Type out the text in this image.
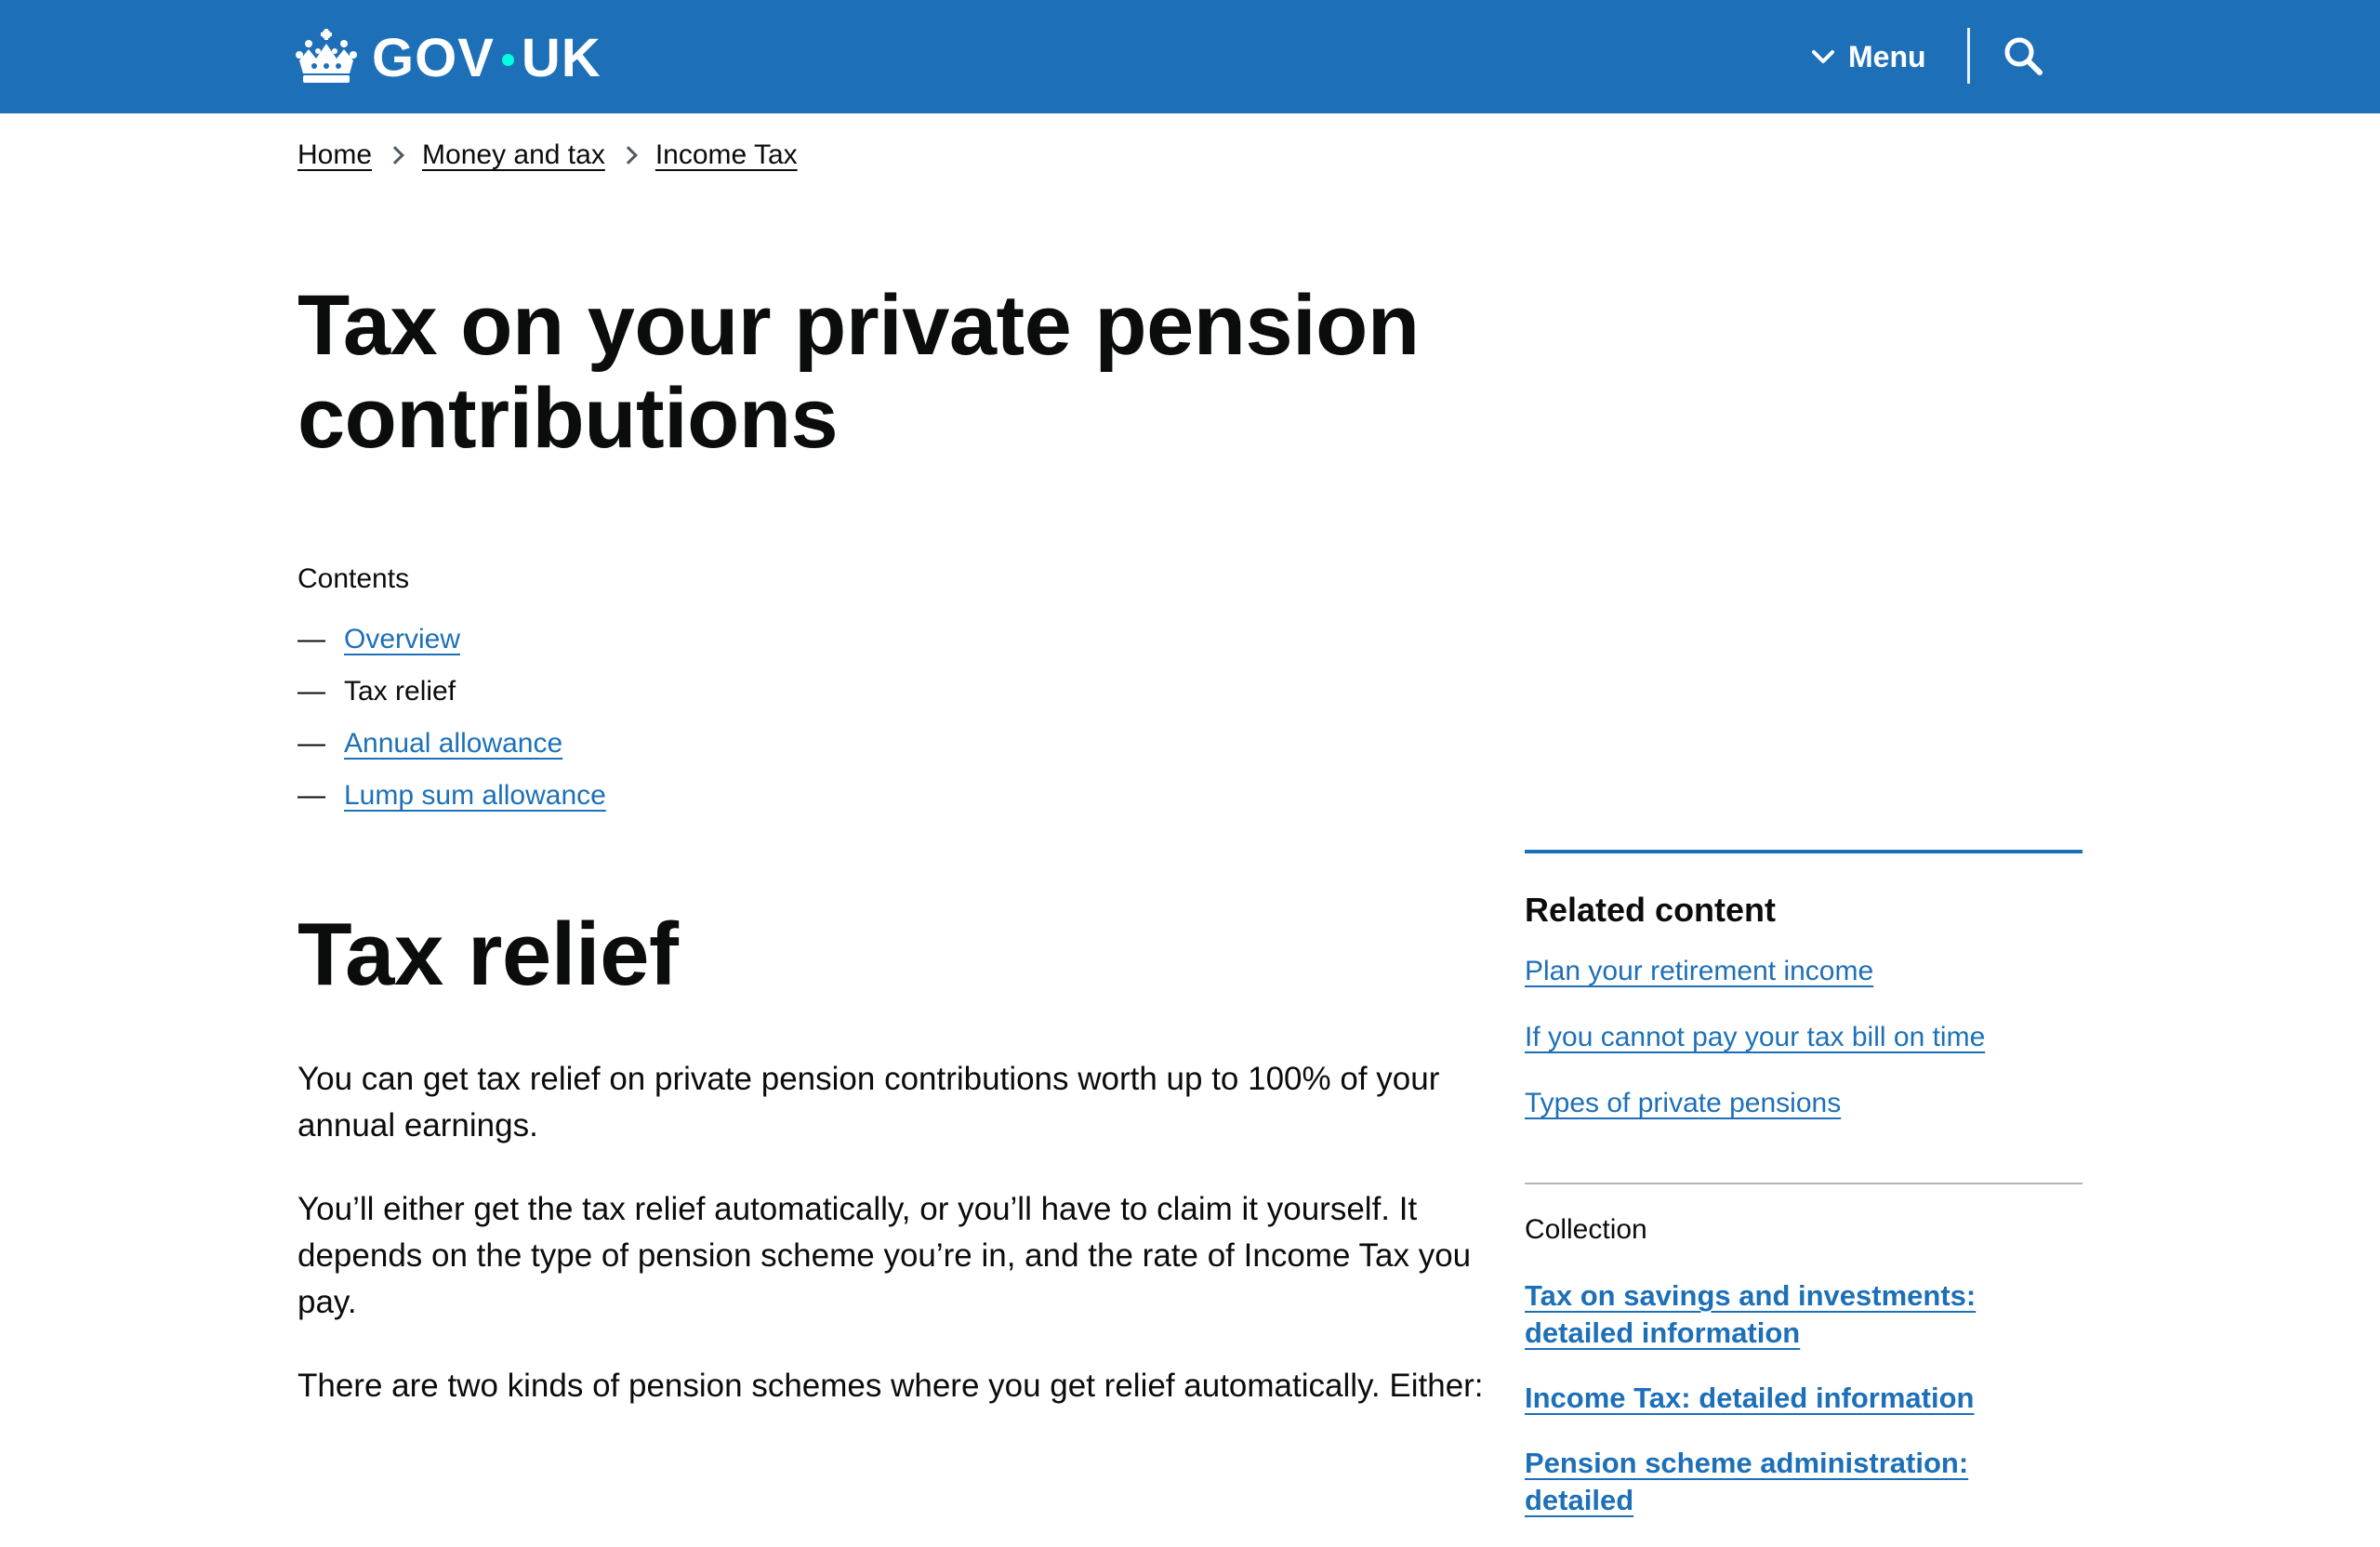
GOV UK	Menu
Home Money and tax Income Tax
Tax on your private pension contributions
Contents
— Overview
— Tax relief
— Annual allowance
— Lump sum allowance
Tax relief

You can get tax relief on private pension contributions worth up to 100% of your annual earnings.

You’ll either get the tax relief automatically, or you’ll have to claim it yourself. It depends on the type of pension scheme you’re in, and the rate of Income Tax you pay.

There are two kinds of pension schemes where you get relief automatically. Either:

Related content
Plan your retirement income
If you cannot pay your tax bill on time
Types of private pensions
Collection
Tax on savings and investments: detailed information
Income Tax: detailed information
Pension scheme administration: detailed
